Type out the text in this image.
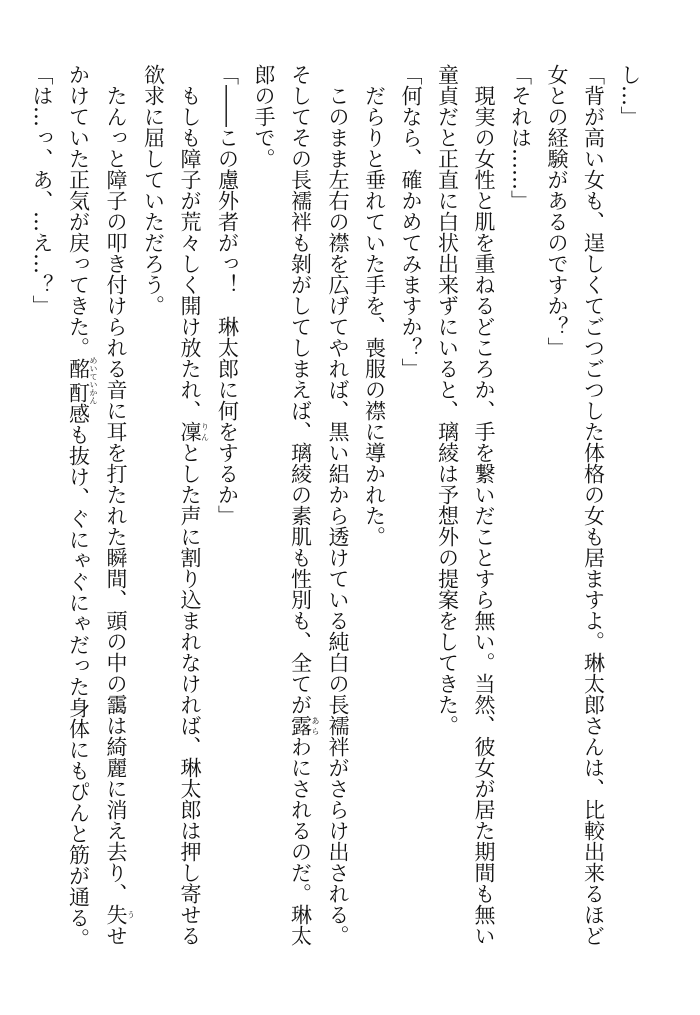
し…」
「背が高い女も、逞しくてごつごつした体格の女も居ますよ。琳太郎さんは、比較出来るほど
女との経験があるのですか？」
「それは……」
現実の女性と肌を重ねるどころか、手を繋いだことすら無い。当然、彼女が居た期間も無い
童貞だと正直に白状出来ずにいると、璃綾は予想外の提案をしてきた。
「何なら、確かめてみますか？」
だらりと垂れていた手を、喪服の襟に導かれた。
このまま左右の襟を広げてやれば、黒い絽から透けている純白の長襦袢がさらけ出される。
そしてその長襦袢も剝がしてしまえば、璃綾の素肌も性別も、全てが露あらわにされるのだ。琳太
郎の手で。
「――この慮外者がっ！　琳太郎に何をするか」
もしも障子が荒々しく開け放たれ、凜りんとした声に割り込まれなければ、琳太郎は押し寄せる
欲求に屈していただろう。
たんっと障子の叩き付けられる音に耳を打たれた瞬間、頭の中の靄は綺麗に消え去り、失うせ
かけていた正気が戻ってきた。酩酊めいていかん感も抜け、ぐにゃぐにゃだった身体にもぴんと筋が通る。
「は…っ、あ、…え…？」
